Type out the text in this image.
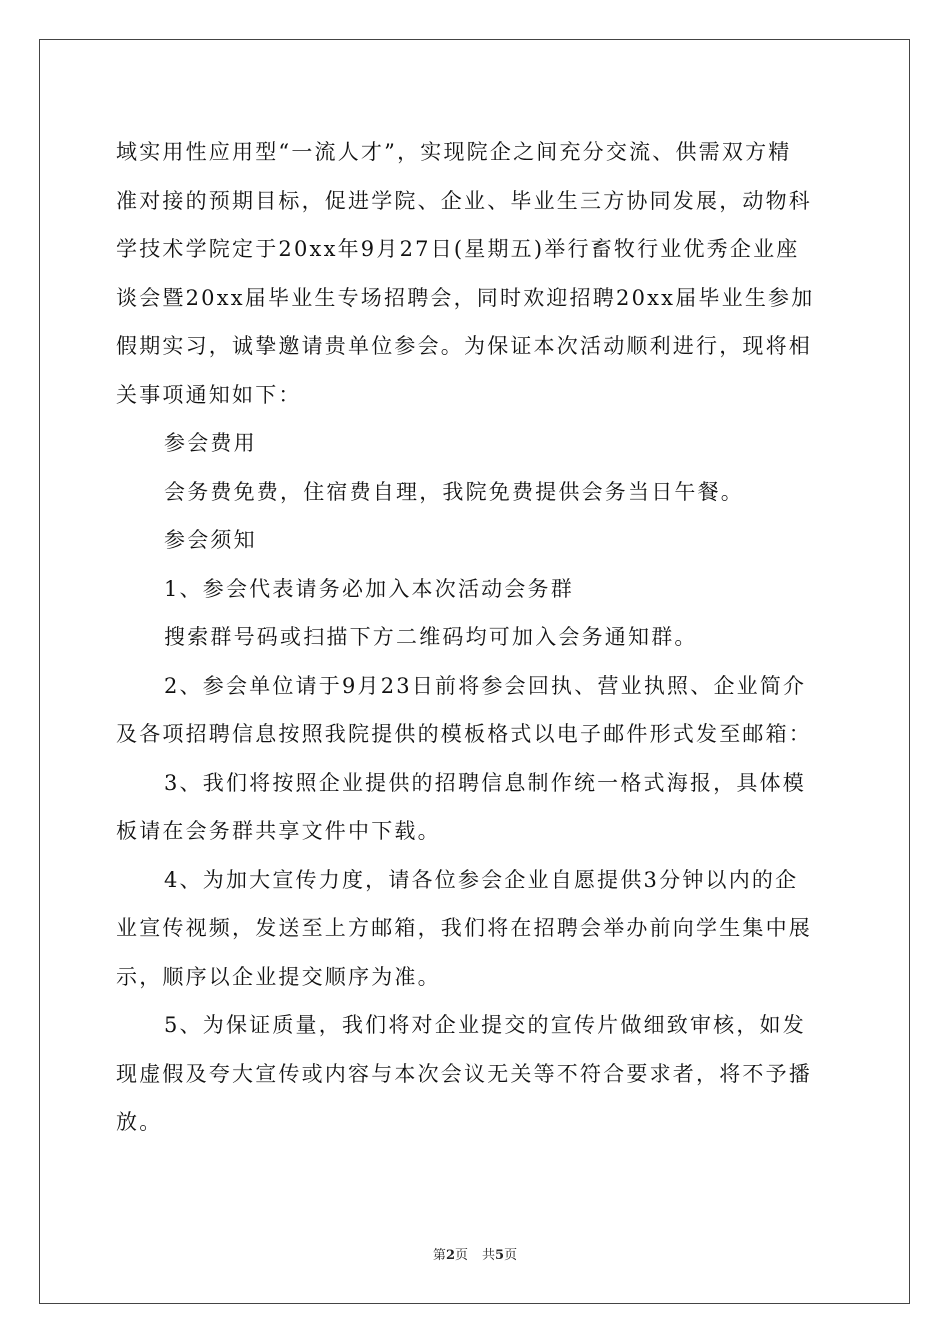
域实用性应用型“一流人才”，实现院企之间充分交流、供需双方精
准对接的预期目标，促进学院、企业、毕业生三方协同发展，动物科
学技术学院定于20xx年9月27日(星期五)举行畜牧行业优秀企业座
谈会暨20xx届毕业生专场招聘会，同时欢迎招聘20xx届毕业生参加
假期实习，诚挚邀请贵单位参会。为保证本次活动顺利进行，现将相
关事项通知如下：
参会费用
会务费免费，住宿费自理，我院免费提供会务当日午餐。
参会须知
1、参会代表请务必加入本次活动会务群
搜索群号码或扫描下方二维码均可加入会务通知群。
2、参会单位请于9月23日前将参会回执、营业执照、企业简介
及各项招聘信息按照我院提供的模板格式以电子邮件形式发至邮箱：
3、我们将按照企业提供的招聘信息制作统一格式海报，具体模
板请在会务群共享文件中下载。
4、为加大宣传力度，请各位参会企业自愿提供3分钟以内的企
业宣传视频，发送至上方邮箱，我们将在招聘会举办前向学生集中展
示，顺序以企业提交顺序为准。
5、为保证质量，我们将对企业提交的宣传片做细致审核，如发
现虚假及夸大宣传或内容与本次会议无关等不符合要求者，将不予播
放。
第2页 共5页
